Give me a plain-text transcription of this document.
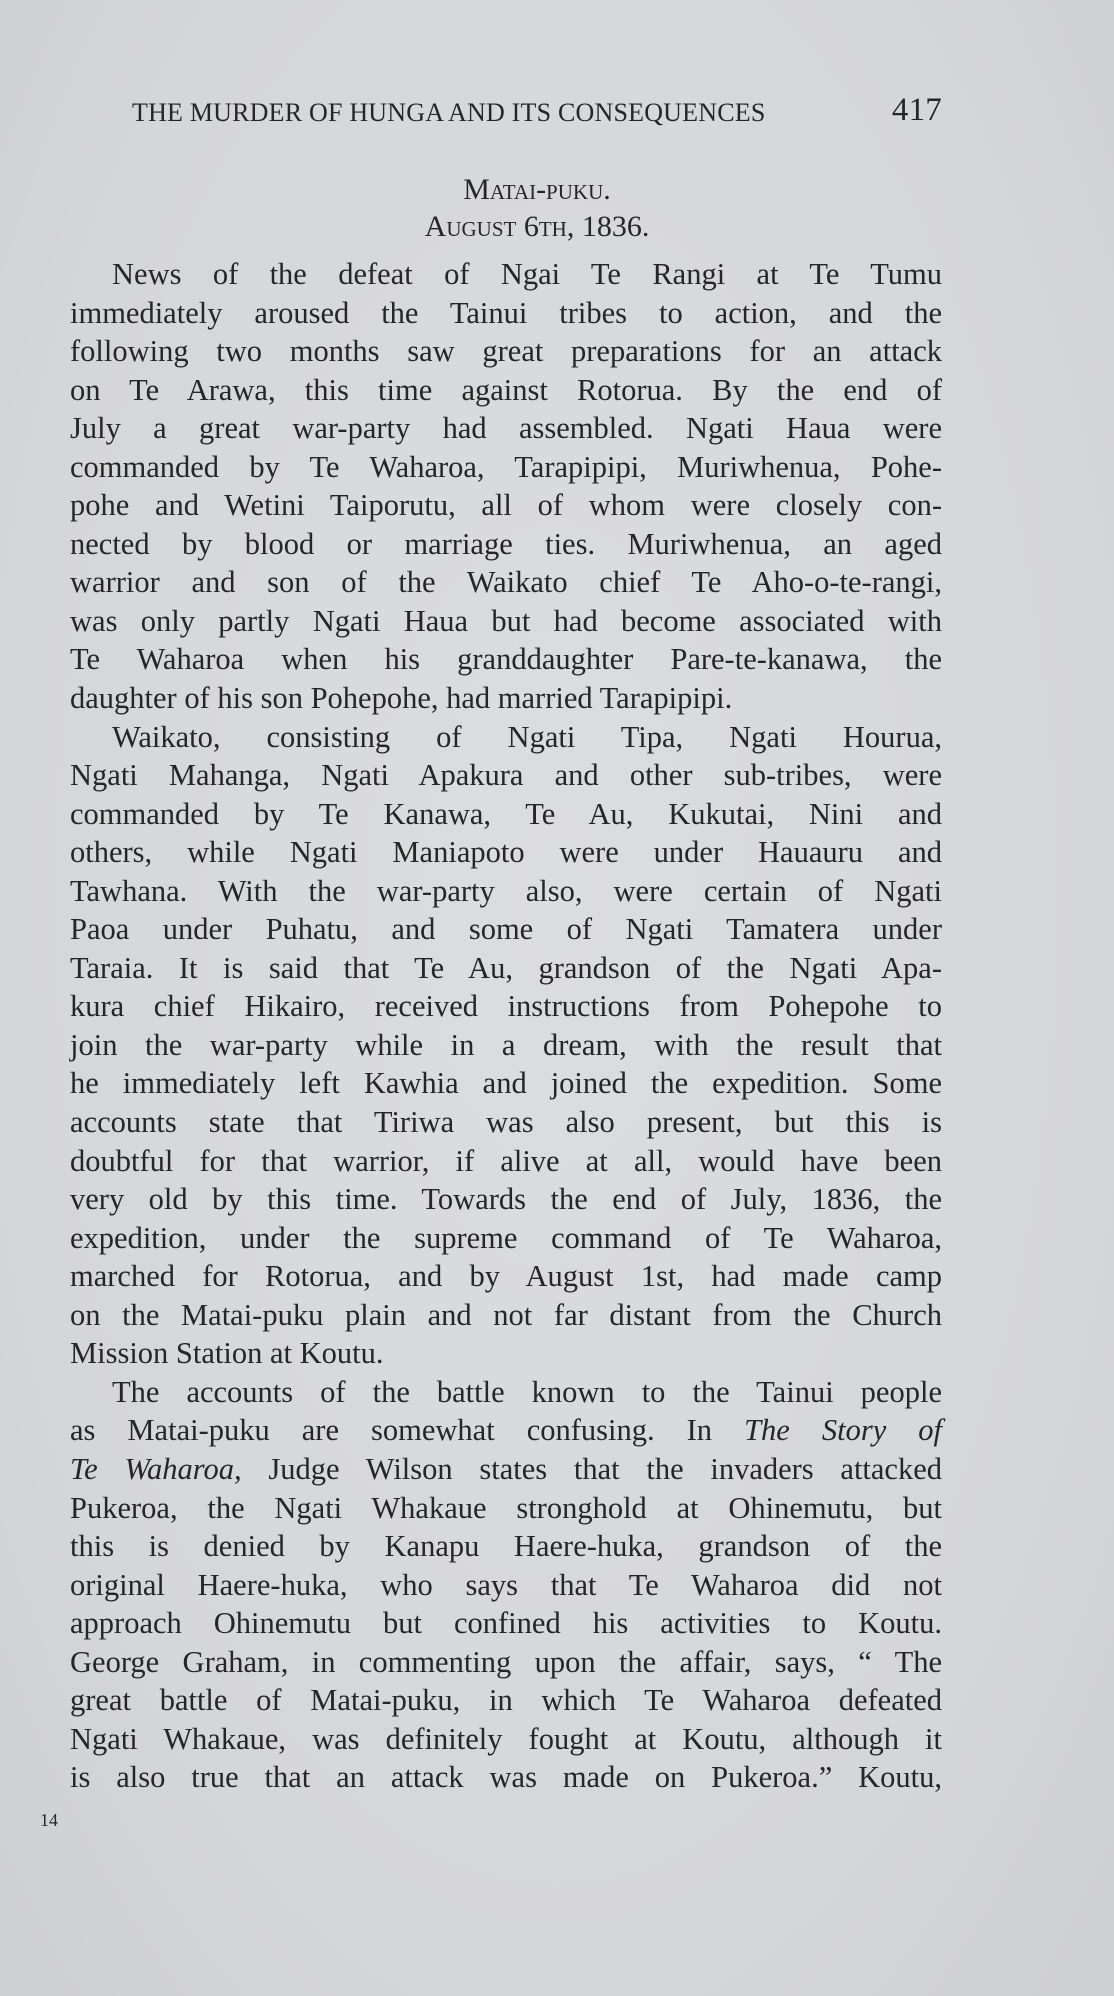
THE MURDER OF HUNGA AND ITS CONSEQUENCES	417
Matai-puku.
August 6th, 1836.
News of the defeat of Ngai Te Rangi at Te Tumu
immediately aroused the Tainui tribes to action, and the
following two months saw great preparations for an attack
on Te Arawa, this time against Rotorua. By the end of
July a great war-party had assembled. Ngati Haua were
commanded by Te Waharoa, Tarapipipi, Muriwhenua, Pohe-
pohe and Wetini Taiporutu, all of whom were closely con-
nected by blood or marriage ties. Muriwhenua, an aged
warrior and son of the Waikato chief Te Aho-o-te-rangi,
was only partly Ngati Haua but had become associated with
Te Waharoa when his granddaughter Pare-te-kanawa, the
daughter of his son Pohepohe, had married Tarapipipi.
Waikato, consisting of Ngati Tipa, Ngati Hourua,
Ngati Mahanga, Ngati Apakura and other sub-tribes, were
commanded by Te Kanawa, Te Au, Kukutai, Nini and
others, while Ngati Maniapoto were under Hauauru and
Tawhana. With the war-party also, were certain of Ngati
Paoa under Puhatu, and some of Ngati Tamatera under
Taraia. It is said that Te Au, grandson of the Ngati Apa-
kura chief Hikairo, received instructions from Pohepohe to
join the war-party while in a dream, with the result that
he immediately left Kawhia and joined the expedition. Some
accounts state that Tiriwa was also present, but this is
doubtful for that warrior, if alive at all, would have been
very old by this time. Towards the end of July, 1836, the
expedition, under the supreme command of Te Waharoa,
marched for Rotorua, and by August 1st, had made camp
on the Matai-puku plain and not far distant from the Church
Mission Station at Koutu.
The accounts of the battle known to the Tainui people
as Matai-puku are somewhat confusing. In The Story of
Te Waharoa, Judge Wilson states that the invaders attacked
Pukeroa, the Ngati Whakaue stronghold at Ohinemutu, but
this is denied by Kanapu Haere-huka, grandson of the
original Haere-huka, who says that Te Waharoa did not
approach Ohinemutu but confined his activities to Koutu.
George Graham, in commenting upon the affair, says, “ The
great battle of Matai-puku, in which Te Waharoa defeated
Ngati Whakaue, was definitely fought at Koutu, although it
is also true that an attack was made on Pukeroa.” Koutu,
14
